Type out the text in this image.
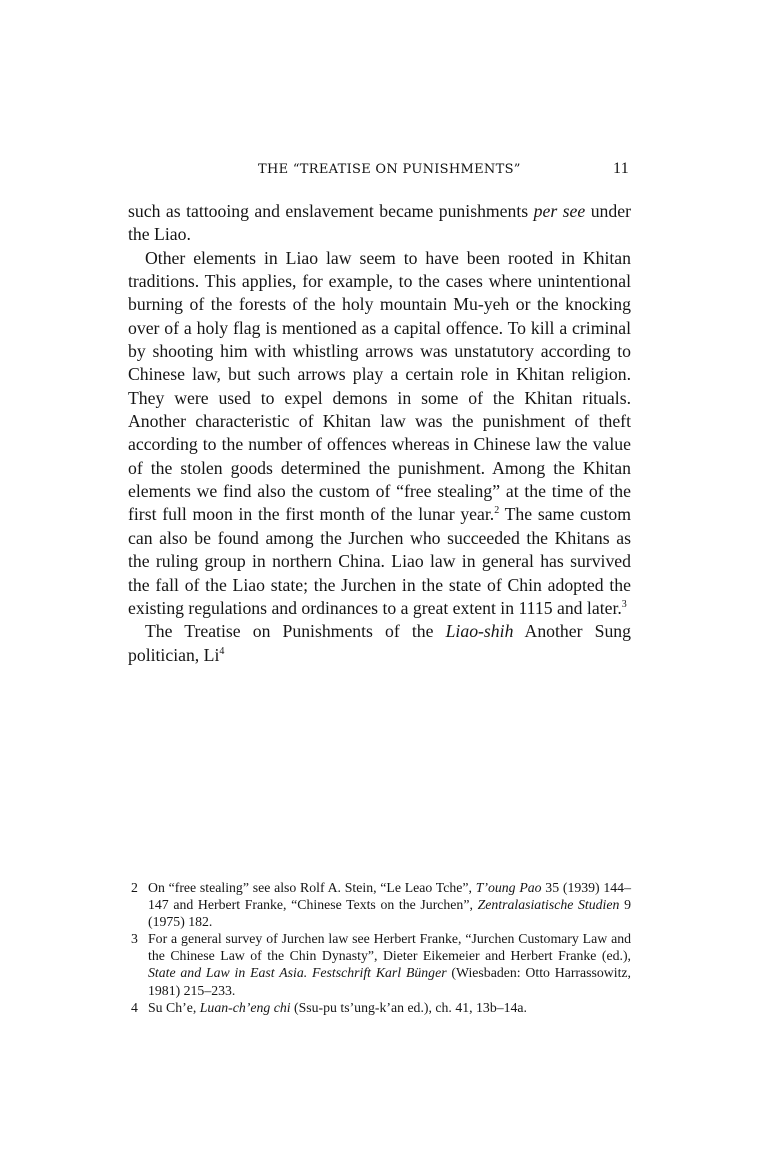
THE “TREATISE ON PUNISHMENTS”	11

such as tattooing and enslavement became punishments per see under the Liao.

Other elements in Liao law seem to have been rooted in Khitan traditions. This applies, for example, to the cases where unintentional burning of the forests of the holy mountain Mu-yeh or the knocking over of a holy flag is mentioned as a capital offence. To kill a criminal by shooting him with whistling arrows was unstatutory according to Chinese law, but such arrows play a certain role in Khitan religion. They were used to expel demons in some of the Khitan rituals. Another characteristic of Khitan law was the punishment of theft according to the number of offences whereas in Chinese law the value of the stolen goods determined the punishment. Among the Khitan elements we find also the custom of “free stealing” at the time of the first full moon in the first month of the lunar year.$^2$ The same custom can also be found among the Jurchen who succeeded the Khitans as the ruling group in northern China. Liao law in general has survived the fall of the Liao state; the Jurchen in the state of Chin adopted the existing regulations and ordinances to a great extent in 1115 and later.$^3$

The Treatise on Punishments of the Liao-shih Another Sung politician, Li$^4$

2 On “free stealing” see also Rolf A. Stein, “Le Leao Tche”, T’oung Pao 35 (1939) 144–147 and Herbert Franke, “Chinese Texts on the Jurchen”, Zentralasiatische Studien 9 (1975) 182.

3 For a general survey of Jurchen law see Herbert Franke, “Jurchen Customary Law and the Chinese Law of the Chin Dynasty”, Dieter Eikemeier and Herbert Franke (ed.), State and Law in East Asia. Festschrift Karl Bünger (Wiesbaden: Otto Harrassowitz, 1981) 215–233.

4 Su Ch’e, Luan-ch’eng chi (Ssu-pu ts’ung-k’an ed.), ch. 41, 13b–14a.
